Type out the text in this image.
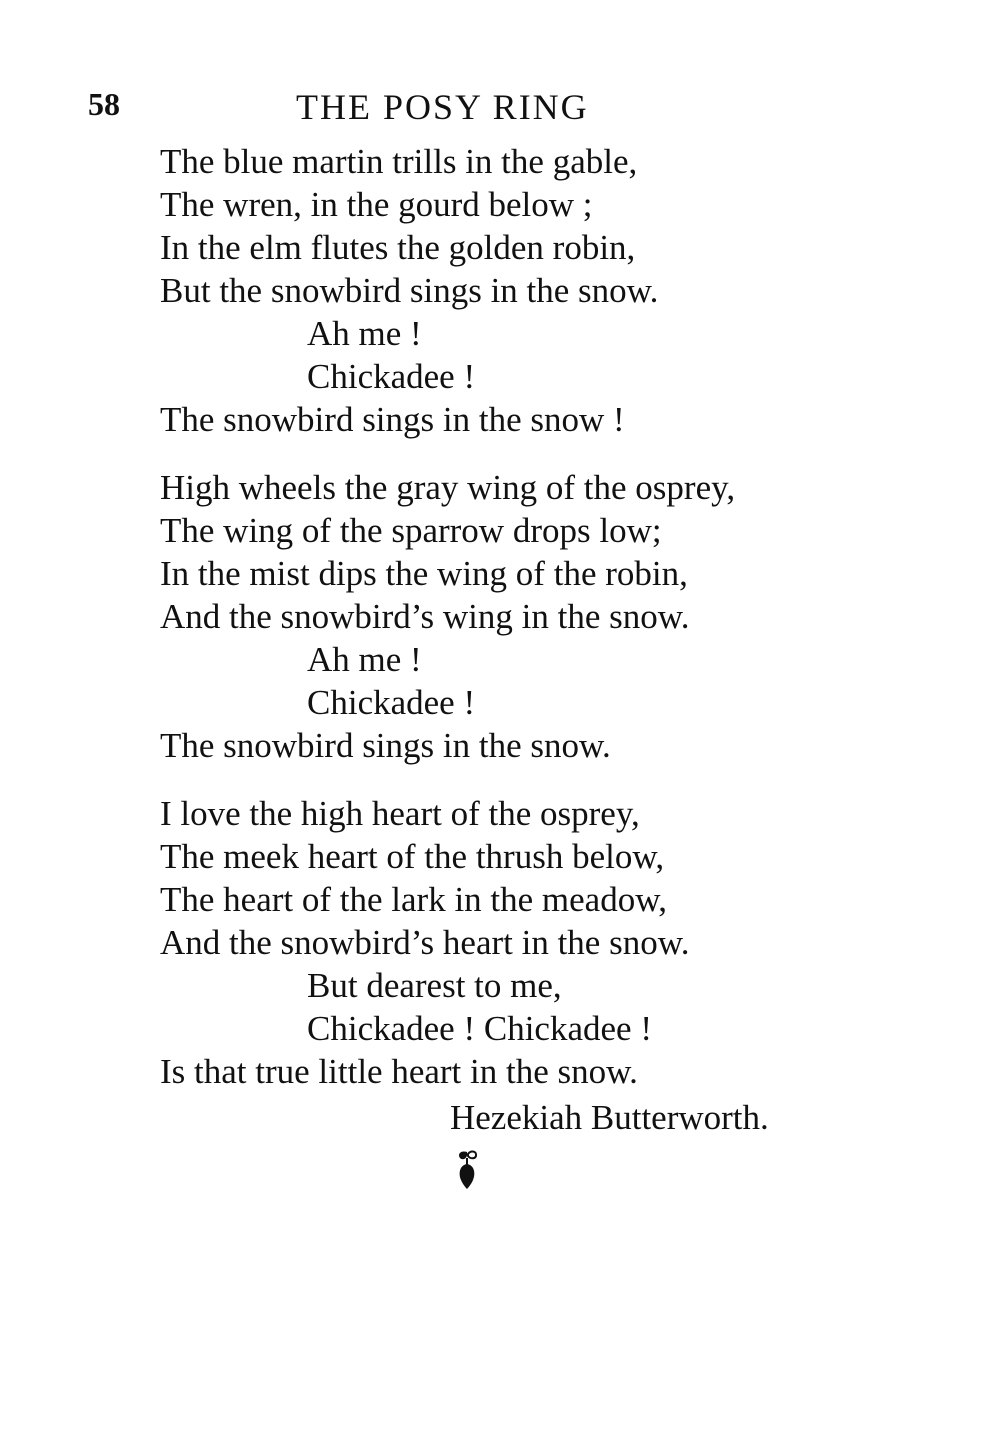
58	THE POSY RING
The blue martin trills in the gable,
The wren, in the gourd below ;
In the elm flutes the golden robin,
But the snowbird sings in the snow.
Ah me !
Chickadee !
The snowbird sings in the snow !
High wheels the gray wing of the osprey,
The wing of the sparrow drops low;
In the mist dips the wing of the robin,
And the snowbird’s wing in the snow.
Ah me !
Chickadee !
The snowbird sings in the snow.
I love the high heart of the osprey,
The meek heart of the thrush below,
The heart of the lark in the meadow,
And the snowbird’s heart in the snow.
But dearest to me,
Chickadee ! Chickadee !
Is that true little heart in the snow.
Hezekiah Butterworth.
